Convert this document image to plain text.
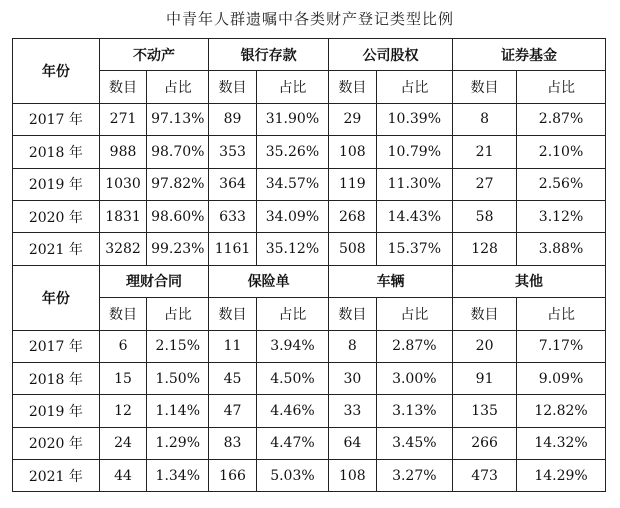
中青年人群遗嘱中各类财产登记类型比例
年份	不动产		银行存款		公司股权		证券基金	
	数目	占比	数目	占比	数目	占比	数目	占比
2017 年	271	97.13%	89	31.90%	29	10.39%	8	2.87%
2018 年	988	98.70%	353	35.26%	108	10.79%	21	2.10%
2019 年	1030	97.82%	364	34.57%	119	11.30%	27	2.56%
2020 年	1831	98.60%	633	34.09%	268	14.43%	58	3.12%
2021 年	3282	99.23%	1161	35.12%	508	15.37%	128	3.88%
年份	理财合同		保险单		车辆		其他	
	数目	占比	数目	占比	数目	占比	数目	占比
2017 年	6	2.15%	11	3.94%	8	2.87%	20	7.17%
2018 年	15	1.50%	45	4.50%	30	3.00%	91	9.09%
2019 年	12	1.14%	47	4.46%	33	3.13%	135	12.82%
2020 年	24	1.29%	83	4.47%	64	3.45%	266	14.32%
2021 年	44	1.34%	166	5.03%	108	3.27%	473	14.29%
